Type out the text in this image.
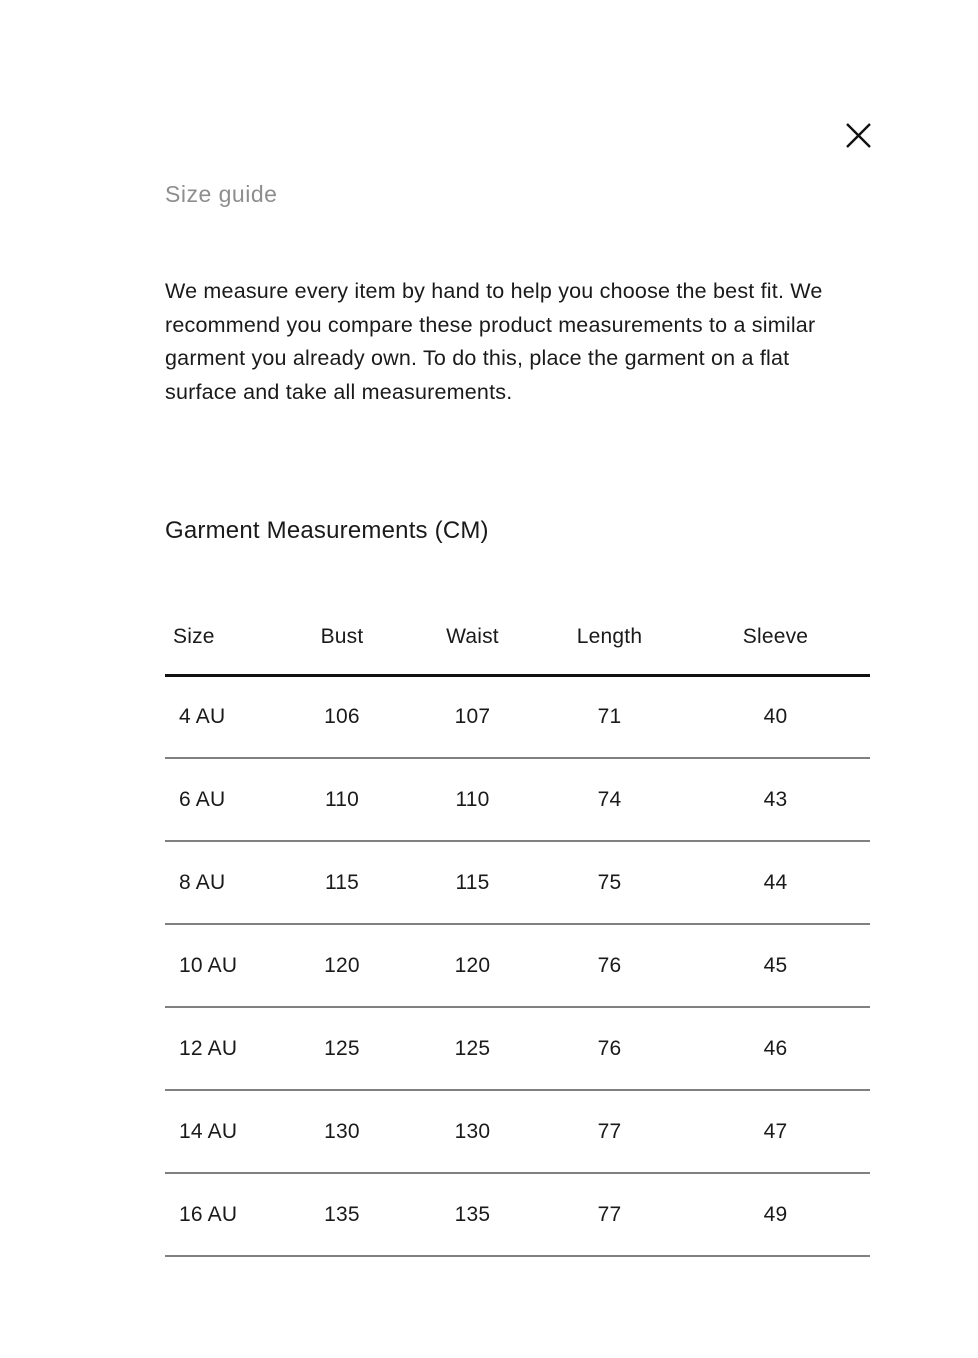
Size guide

We measure every item by hand to help you choose the best fit. We recommend you compare these product measurements to a similar garment you already own. To do this, place the garment on a flat surface and take all measurements.

Garment Measurements (CM)
Size	Bust	Waist	Length	Sleeve
4 AU	106	107	71	40
6 AU	110	110	74	43
8 AU	115	115	75	44
10 AU	120	120	76	45
12 AU	125	125	76	46
14 AU	130	130	77	47
16 AU	135	135	77	49
